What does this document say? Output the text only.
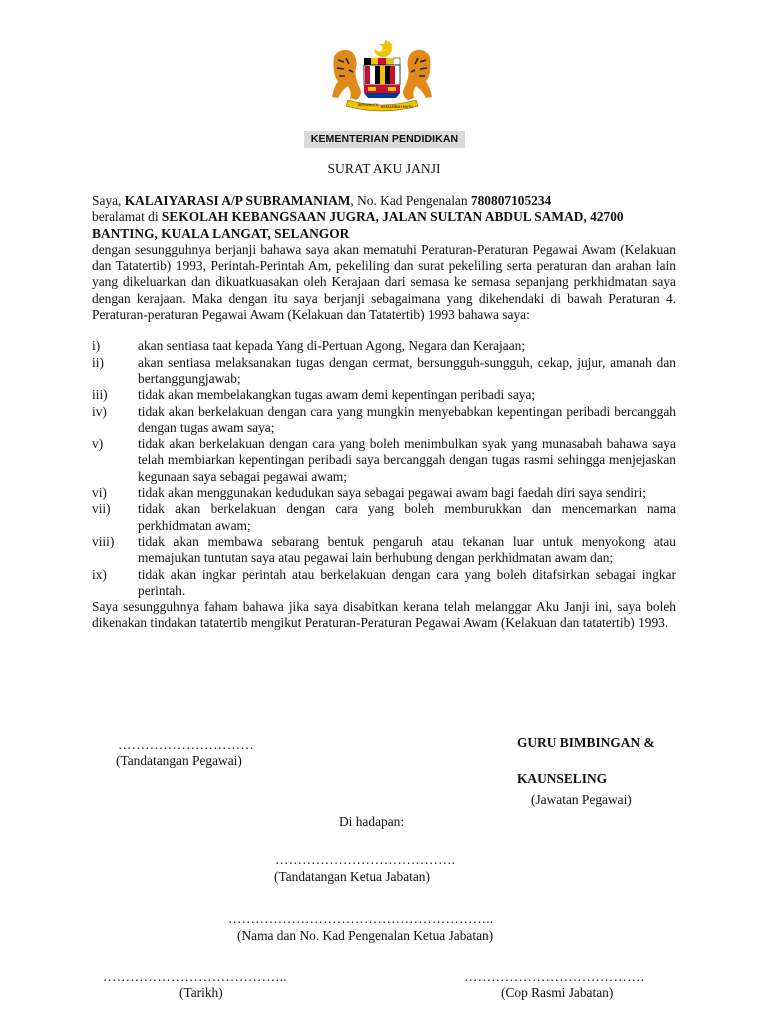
BERSEKUTU BERTAMBAH MUTU
KEMENTERIAN PENDIDIKAN
SURAT AKU JANJI

Saya, KALAIYARASI A/P SUBRAMANIAM, No. Kad Pengenalan 780807105234

beralamat di SEKOLAH KEBANGSAAN JUGRA, JALAN SULTAN ABDUL SAMAD, 42700 BANTING, KUALA LANGAT, SELANGOR

dengan sesungguhnya berjanji bahawa saya akan mematuhi Peraturan-Peraturan Pegawai Awam (Kelakuan dan Tatatertib) 1993, Perintah-Perintah Am, pekeliling dan surat pekeliling serta peraturan dan arahan lain yang dikeluarkan dan dikuatkuasakan oleh Kerajaan dari semasa ke semasa sepanjang perkhidmatan saya dengan kerajaan. Maka dengan itu saya berjanji sebagaimana yang dikehendaki di bawah Peraturan 4. Peraturan-peraturan Pegawai Awam (Kelakuan dan Tatatertib) 1993 bahawa saya:

i)	akan sentiasa taat kepada Yang di-Pertuan Agong, Negara dan Kerajaan;
ii)	akan sentiasa melaksanakan tugas dengan cermat, bersungguh-sungguh, cekap, jujur, amanah dan bertanggungjawab;
iii)	tidak akan membelakangkan tugas awam demi kepentingan peribadi saya;
iv)	tidak akan berkelakuan dengan cara yang mungkin menyebabkan kepentingan peribadi bercanggah dengan tugas awam saya;
v)	tidak akan berkelakuan dengan cara yang boleh menimbulkan syak yang munasabah bahawa saya telah membiarkan kepentingan peribadi saya bercanggah dengan tugas rasmi sehingga menjejaskan kegunaan saya sebagai pegawai awam;
vi)	tidak akan menggunakan kedudukan saya sebagai pegawai awam bagi faedah diri saya sendiri;
vii)	tidak akan berkelakuan dengan cara yang boleh memburukkan dan mencemarkan nama perkhidmatan awam;
viii)	tidak akan membawa sebarang bentuk pengaruh atau tekanan luar untuk menyokong atau memajukan tuntutan saya atau pegawai lain berhubung dengan perkhidmatan awam dan;
ix)	tidak akan ingkar perintah atau berkelakuan dengan cara yang boleh ditafsirkan sebagai ingkar perintah.

Saya sesungguhnya faham bahawa jika saya disabitkan kerana telah melanggar Aku Janji ini, saya boleh dikenakan tindakan tatatertib mengikut Peraturan-Peraturan Pegawai Awam (Kelakuan dan tatatertib) 1993.

…………………………
(Tandatangan Pegawai)
GURU BIMBINGAN &
KAUNSELING
(Jawatan Pegawai)
Di hadapan:
………………………………….
(Tandatangan Ketua Jabatan)
…………………………………………………..
(Nama dan No. Kad Pengenalan Ketua Jabatan)
…………………………………..
(Tarikh)
………………………………….
(Cop Rasmi Jabatan)
